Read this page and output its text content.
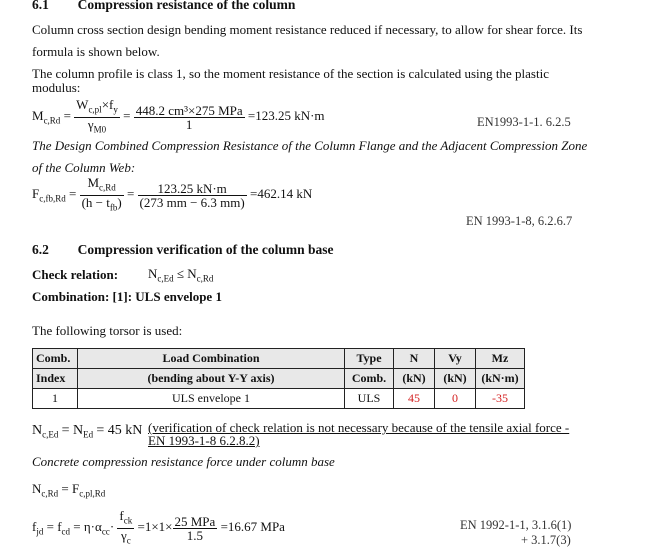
6.1 Compression resistance of the column
Column cross section design bending moment resistance reduced if necessary, to allow for shear force. Its
formula is shown below.
The column profile is class 1, so the moment resistance of the section is calculated using the plastic
modulus:
$M_{c,Rd} = \frac{W_{c,pl}\times f_y}{\gamma_{M0}} = \frac{\text{448.2 cm³×275 MPa}}{1} =123.25$ kN·m	EN1993-1-1. 6.2.5
The Design Combined Compression Resistance of the Column Flange and the Adjacent Compression Zone
of the Column Web:
$F_{c,fb,Rd} = \frac{M_{c,Rd}}{(h - t_{fb})} = \frac{123.25 kN\cdot m}{(273 mm - 6.3 mm)} =462.14$ kN
EN 1993-1-8, 6.2.6.7
6.2 Compression verification of the column base
Check relation: $N_{c,Ed} \le N_{c,Rd}$
Combination: [1]: ULS envelope 1
The following torsor is used:
Comb.	Load Combination	Type	N	Vy	Mz
Index	(bending about Y-Y axis)	Comb.	(kN)	(kN)	(kN·m)
1	ULS envelope 1	ULS	45	0	-35
$N_{c,Ed} = N_{Ed} = 45$ kN (verification of check relation is not necessary because of the tensile axial force -
EN 1993-1-8 6.2.8.2)
Concrete compression resistance force under column base
$N_{c,Rd} = F_{c,pl,Rd}$
$f_{jd} = f_{cd} = \eta\cdot\alpha_{cc}\cdot \frac{f_{ck}}{\gamma_c} =1\times 1\times \frac{\text{25 MPa}}{1.5} =16.67$ MPa	EN 1992-1-1, 3.1.6(1)
+ 3.1.7(3)
